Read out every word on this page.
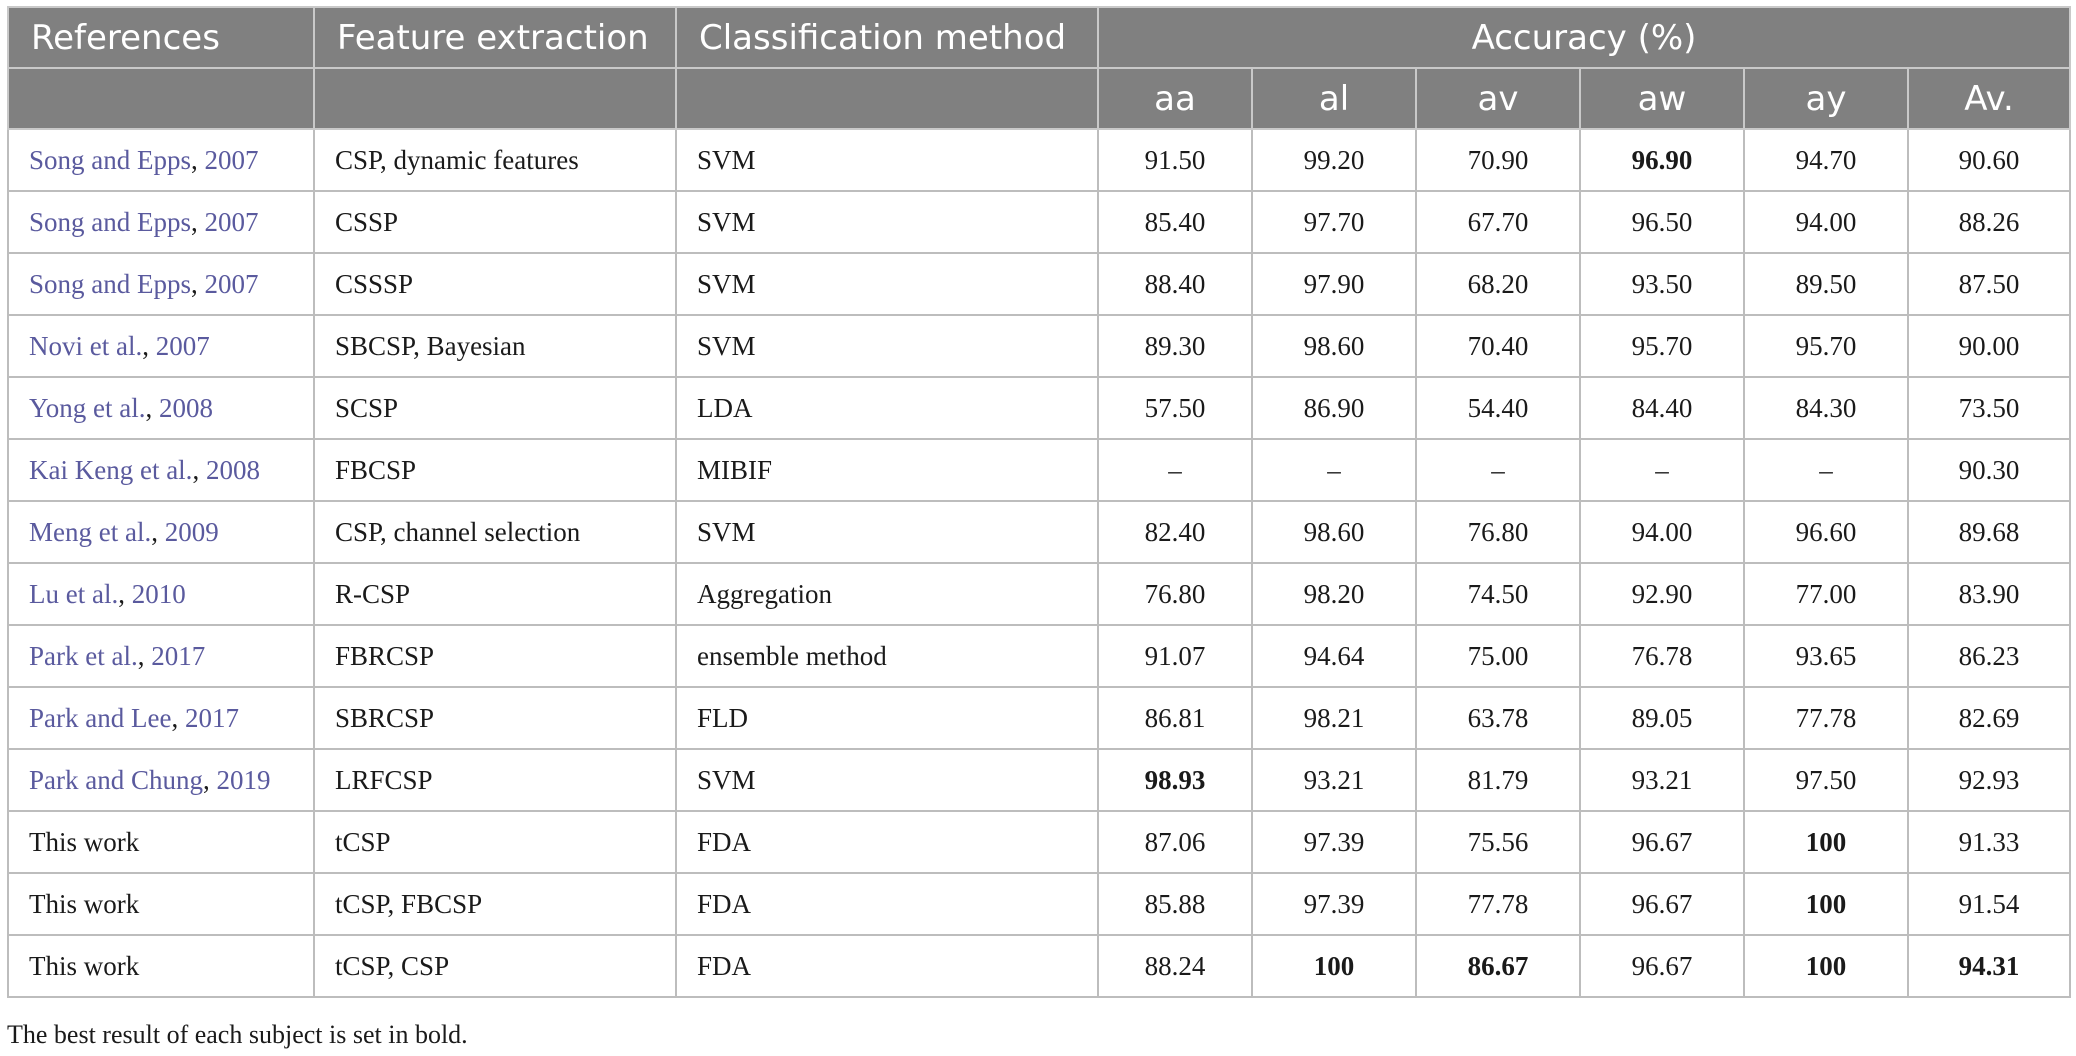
References	Feature extraction	Classification method	Accuracy (%)					
			aa	al	av	aw	ay	Av.
Song and Epps, 2007	CSP, dynamic features	SVM	91.50	99.20	70.90	96.90	94.70	90.60
Song and Epps, 2007	CSSP	SVM	85.40	97.70	67.70	96.50	94.00	88.26
Song and Epps, 2007	CSSSP	SVM	88.40	97.90	68.20	93.50	89.50	87.50
Novi et al., 2007	SBCSP, Bayesian	SVM	89.30	98.60	70.40	95.70	95.70	90.00
Yong et al., 2008	SCSP	LDA	57.50	86.90	54.40	84.40	84.30	73.50
Kai Keng et al., 2008	FBCSP	MIBIF	–	–	–	–	–	90.30
Meng et al., 2009	CSP, channel selection	SVM	82.40	98.60	76.80	94.00	96.60	89.68
Lu et al., 2010	R-CSP	Aggregation	76.80	98.20	74.50	92.90	77.00	83.90
Park et al., 2017	FBRCSP	ensemble method	91.07	94.64	75.00	76.78	93.65	86.23
Park and Lee, 2017	SBRCSP	FLD	86.81	98.21	63.78	89.05	77.78	82.69
Park and Chung, 2019	LRFCSP	SVM	98.93	93.21	81.79	93.21	97.50	92.93
This work	tCSP	FDA	87.06	97.39	75.56	96.67	100	91.33
This work	tCSP, FBCSP	FDA	85.88	97.39	77.78	96.67	100	91.54
This work	tCSP, CSP	FDA	88.24	100	86.67	96.67	100	94.31
The best result of each subject is set in bold.
